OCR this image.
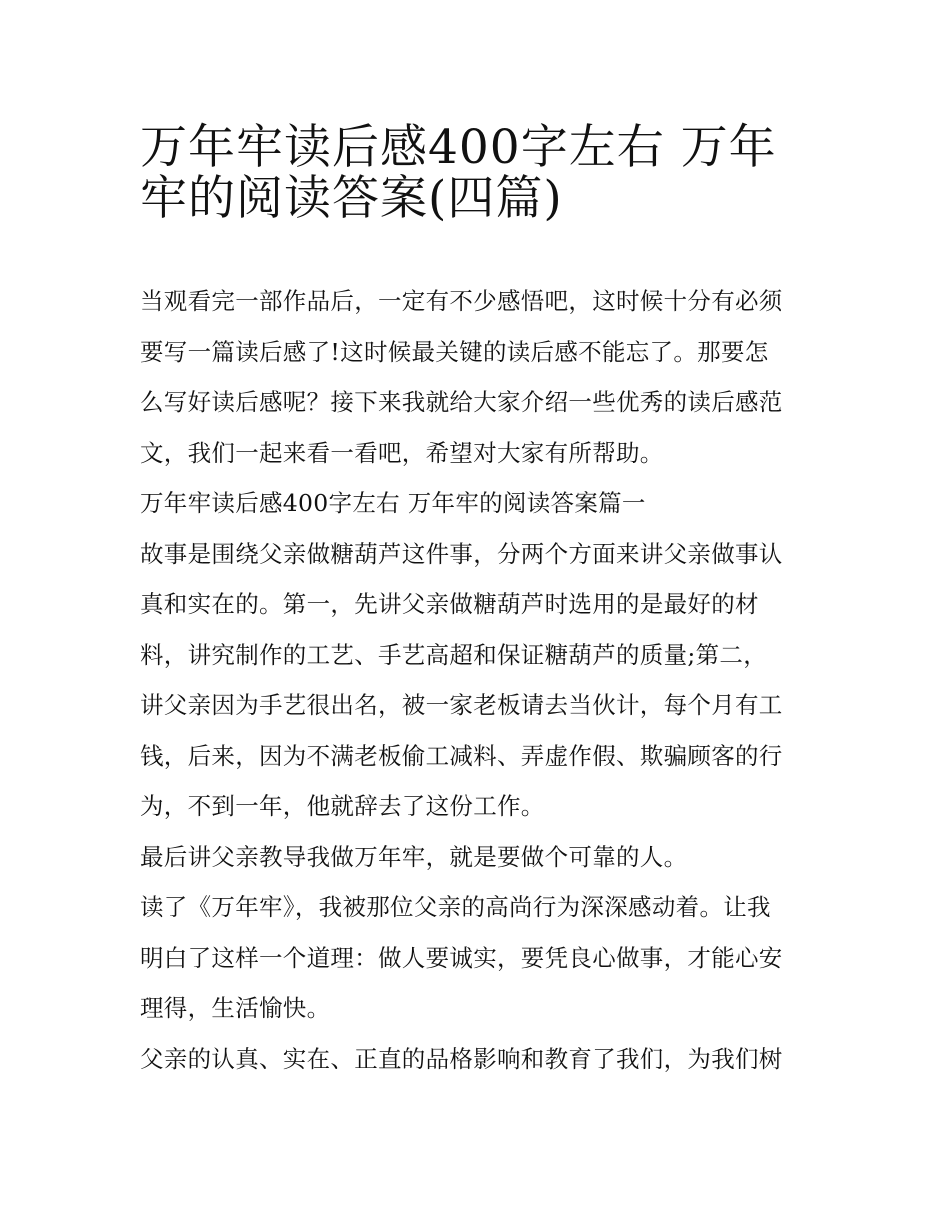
万年牢读后感400字左右 万年
牢的阅读答案(四篇)
当观看完一部作品后，一定有不少感悟吧，这时候十分有必须
要写一篇读后感了!这时候最关键的读后感不能忘了。那要怎
么写好读后感呢？接下来我就给大家介绍一些优秀的读后感范
文，我们一起来看一看吧，希望对大家有所帮助。
万年牢读后感400字左右 万年牢的阅读答案篇一
故事是围绕父亲做糖葫芦这件事，分两个方面来讲父亲做事认
真和实在的。第一，先讲父亲做糖葫芦时选用的是最好的材
料，讲究制作的工艺、手艺高超和保证糖葫芦的质量;第二，
讲父亲因为手艺很出名，被一家老板请去当伙计，每个月有工
钱，后来，因为不满老板偷工减料、弄虚作假、欺骗顾客的行
为，不到一年，他就辞去了这份工作。
最后讲父亲教导我做万年牢，就是要做个可靠的人。
读了《万年牢》，我被那位父亲的高尚行为深深感动着。让我
明白了这样一个道理：做人要诚实，要凭良心做事，才能心安
理得，生活愉快。
父亲的认真、实在、正直的品格影响和教育了我们，为我们树
